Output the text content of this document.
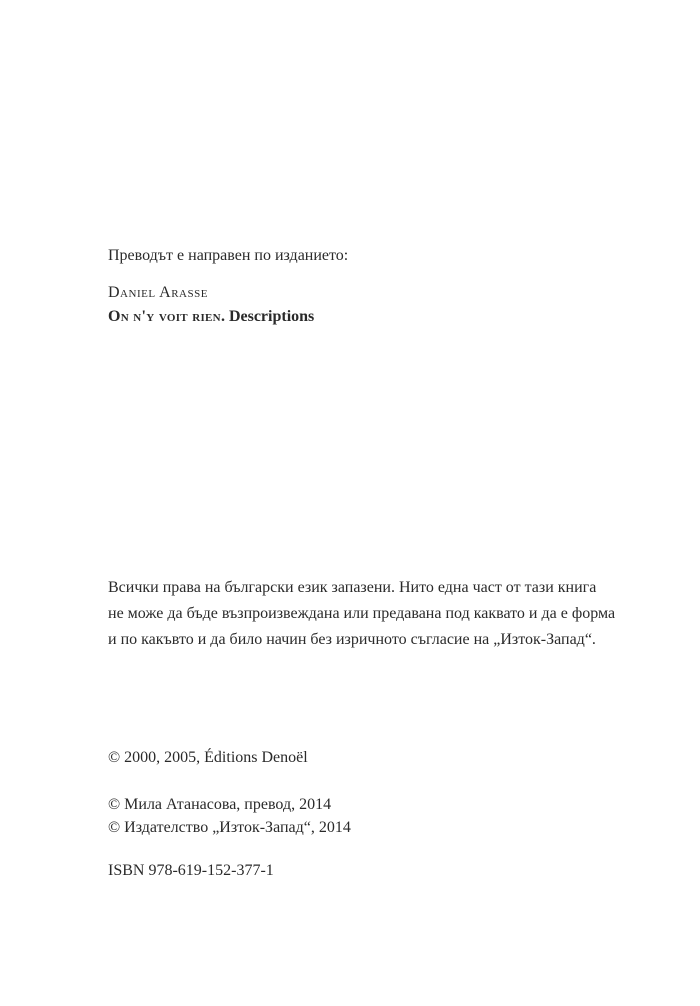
Преводът е направен по изданието:
Daniel Arasse
On n'y voit rien. Descriptions
Всички права на български език запазени. Нито една част от тази книга
не може да бъде възпроизвеждана или предавана под каквато и да е форма
и по какъвто и да било начин без изричното съгласие на „Изток-Запад“.
© 2000, 2005, Éditions Denoël
© Мила Атанасова, превод, 2014
© Издателство „Изток-Запад“, 2014
ISBN 978-619-152-377-1
